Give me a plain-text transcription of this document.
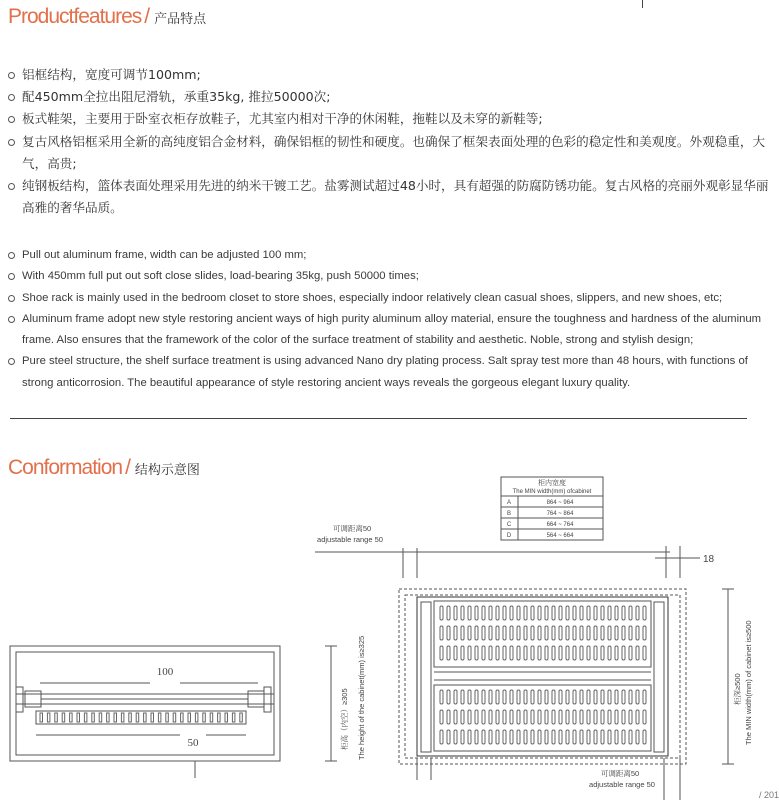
Productfeatures / 产品特点
铝框结构，宽度可调节100mm;
配450mm全拉出阻尼滑轨，承重35kg, 推拉50000次;
板式鞋架，主要用于卧室衣柜存放鞋子，尤其室内相对干净的休闲鞋，拖鞋以及未穿的新鞋等;
复古风格铝框采用全新的高纯度铝合金材料，确保铝框的韧性和硬度。也确保了框架表面处理的色彩的稳定性和美观度。外观稳重，大气，高贵;
纯钢板结构，篮体表面处理采用先进的纳米干镀工艺。盐雾测试超过48小时，具有超强的防腐防锈功能。复古风格的亮丽外观彰显华丽高雅的奢华品质。
Pull out aluminum frame, width can be adjusted 100 mm;
With 450mm full put out soft close slides, load-bearing 35kg, push 50000 times;
Shoe rack is mainly used in the bedroom closet to store shoes, especially indoor relatively clean casual shoes, slippers, and new shoes, etc;
Aluminum frame adopt new style restoring ancient ways of high purity aluminum alloy material, ensure the toughness and hardness of the aluminum frame. Also ensures that the framework of the color of the surface treatment of stability and aesthetic. Noble, strong and stylish design;
Pure steel structure, the shelf surface treatment is using advanced Nano dry plating process. Salt spray test more than 48 hours, with functions of strong anticorrosion. The beautiful appearance of style restoring ancient ways reveals the gorgeous elegant luxury quality.
Conformation / 结构示意图
柜内宽度
The MIN width(mm) ofcabinet
A	864 ~ 964
B	764 ~ 864
C	664 ~ 764
D	564 ~ 664
可调距离50
adjustable range 50
18
柜深≥500 The MIN width(mm) of cabinet is≥500
可调距离50
adjustable range 50
100
50	柜高（内空）≥305 The height of the cabinet(mm) is≥325
/ 201
